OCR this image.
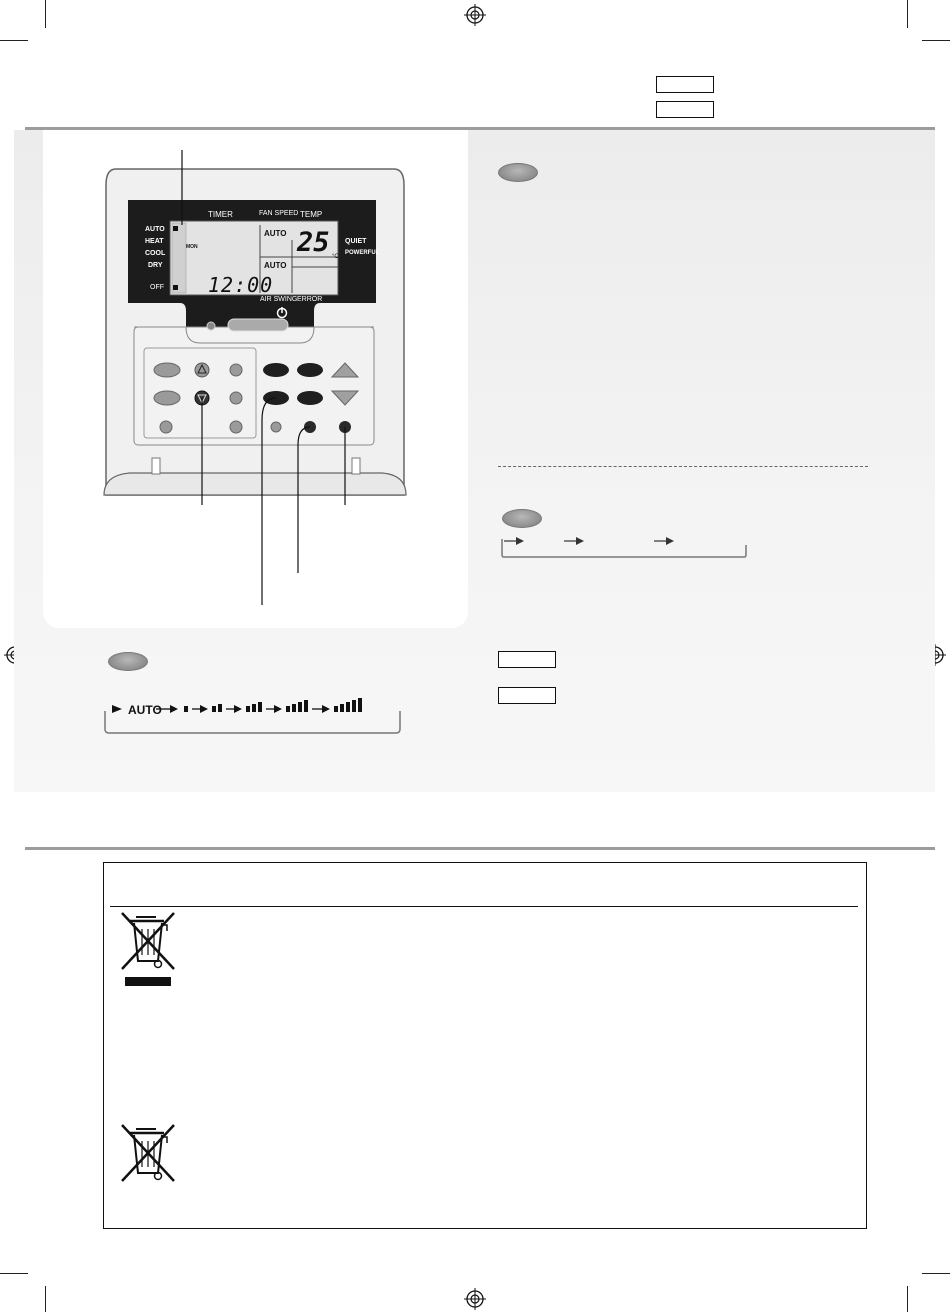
TIMER	FAN SPEED TEMP
AUTO
HEAT
COOL
DRY
OFF
MON
12:00
AUTO
AUTO
25 °C
QUIET
POWERFUL
AIR SWING ERROR
AUTO
